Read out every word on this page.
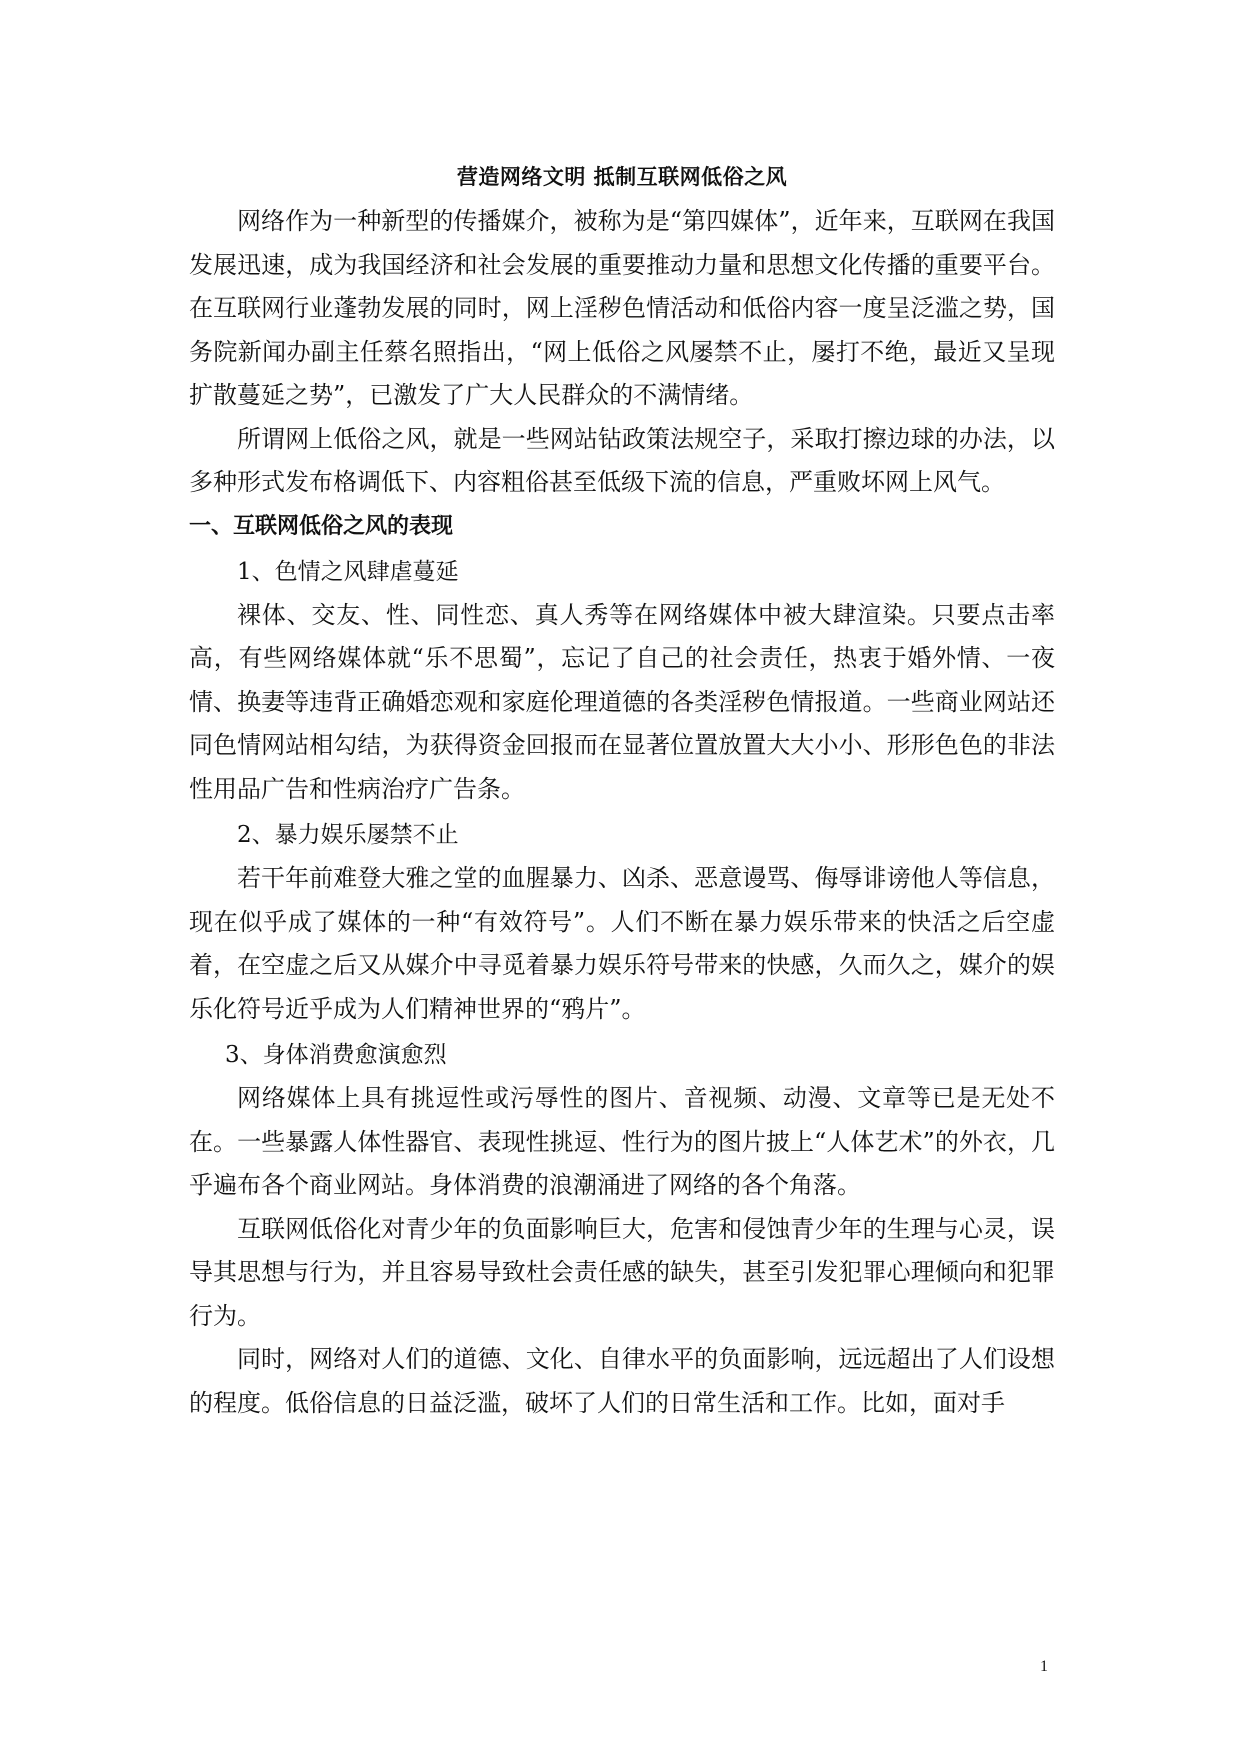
营造网络文明 抵制互联网低俗之风

网络作为一种新型的传播媒介，被称为是“第四媒体”，近年来，互联网在我国发展迅速，成为我国经济和社会发展的重要推动力量和思想文化传播的重要平台。在互联网行业蓬勃发展的同时，网上淫秽色情活动和低俗内容一度呈泛滥之势，国务院新闻办副主任蔡名照指出，“网上低俗之风屡禁不止，屡打不绝，最近又呈现扩散蔓延之势”，已激发了广大人民群众的不满情绪。

所谓网上低俗之风，就是一些网站钻政策法规空子，采取打擦边球的办法，以多种形式发布格调低下、内容粗俗甚至低级下流的信息，严重败坏网上风气。

一、互联网低俗之风的表现
1、色情之风肆虐蔓延

裸体、交友、性、同性恋、真人秀等在网络媒体中被大肆渲染。只要点击率高，有些网络媒体就“乐不思蜀”，忘记了自己的社会责任，热衷于婚外情、一夜情、换妻等违背正确婚恋观和家庭伦理道德的各类淫秽色情报道。一些商业网站还同色情网站相勾结，为获得资金回报而在显著位置放置大大小小、形形色色的非法性用品广告和性病治疗广告条。

2、暴力娱乐屡禁不止

若干年前难登大雅之堂的血腥暴力、凶杀、恶意谩骂、侮辱诽谤他人等信息，现在似乎成了媒体的一种“有效符号”。人们不断在暴力娱乐带来的快活之后空虚着，在空虚之后又从媒介中寻觅着暴力娱乐符号带来的快感，久而久之，媒介的娱乐化符号近乎成为人们精神世界的“鸦片”。

3、身体消费愈演愈烈

网络媒体上具有挑逗性或污辱性的图片、音视频、动漫、文章等已是无处不在。一些暴露人体性器官、表现性挑逗、性行为的图片披上“人体艺术”的外衣，几乎遍布各个商业网站。身体消费的浪潮涌进了网络的各个角落。

互联网低俗化对青少年的负面影响巨大，危害和侵蚀青少年的生理与心灵，误导其思想与行为，并且容易导致杜会责任感的缺失，甚至引发犯罪心理倾向和犯罪行为。

同时，网络对人们的道德、文化、自律水平的负面影响，远远超出了人们设想的程度。低俗信息的日益泛滥，破坏了人们的日常生活和工作。比如，面对手

1
